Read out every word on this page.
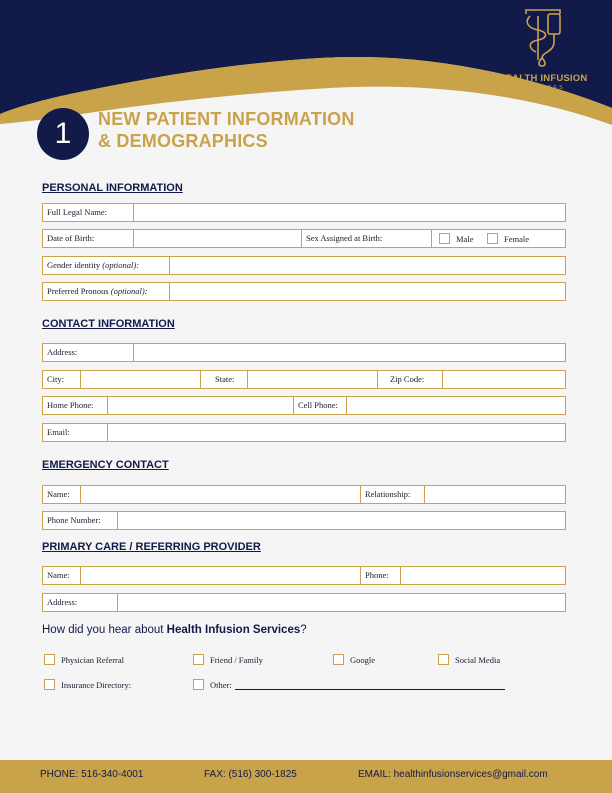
HEALTH INFUSION
SERVICES
1	NEW PATIENT INFORMATION
& DEMOGRAPHICS
PERSONAL INFORMATION
Full Legal Name:
Date of Birth:	Sex Assigned at Birth:	Male	Female
Gender identity (optional):
Preferred Pronous (optional):
CONTACT INFORMATION
Address:
City:	State:	Zip Code:
Home Phone:	Cell Phone:
Email:
EMERGENCY CONTACT
Name:	Relationship:
Phone Number:
PRIMARY CARE / REFERRING PROVIDER
Name:	Phone:
Address:
How did you hear about Health Infusion Services?
Physician Referral	Friend / Family	Google	Social Media
Insurance Directory:	Other:
PHONE: 516-340-4001	FAX: (516) 300-1825	EMAIL: healthinfusionservices@gmail.com
